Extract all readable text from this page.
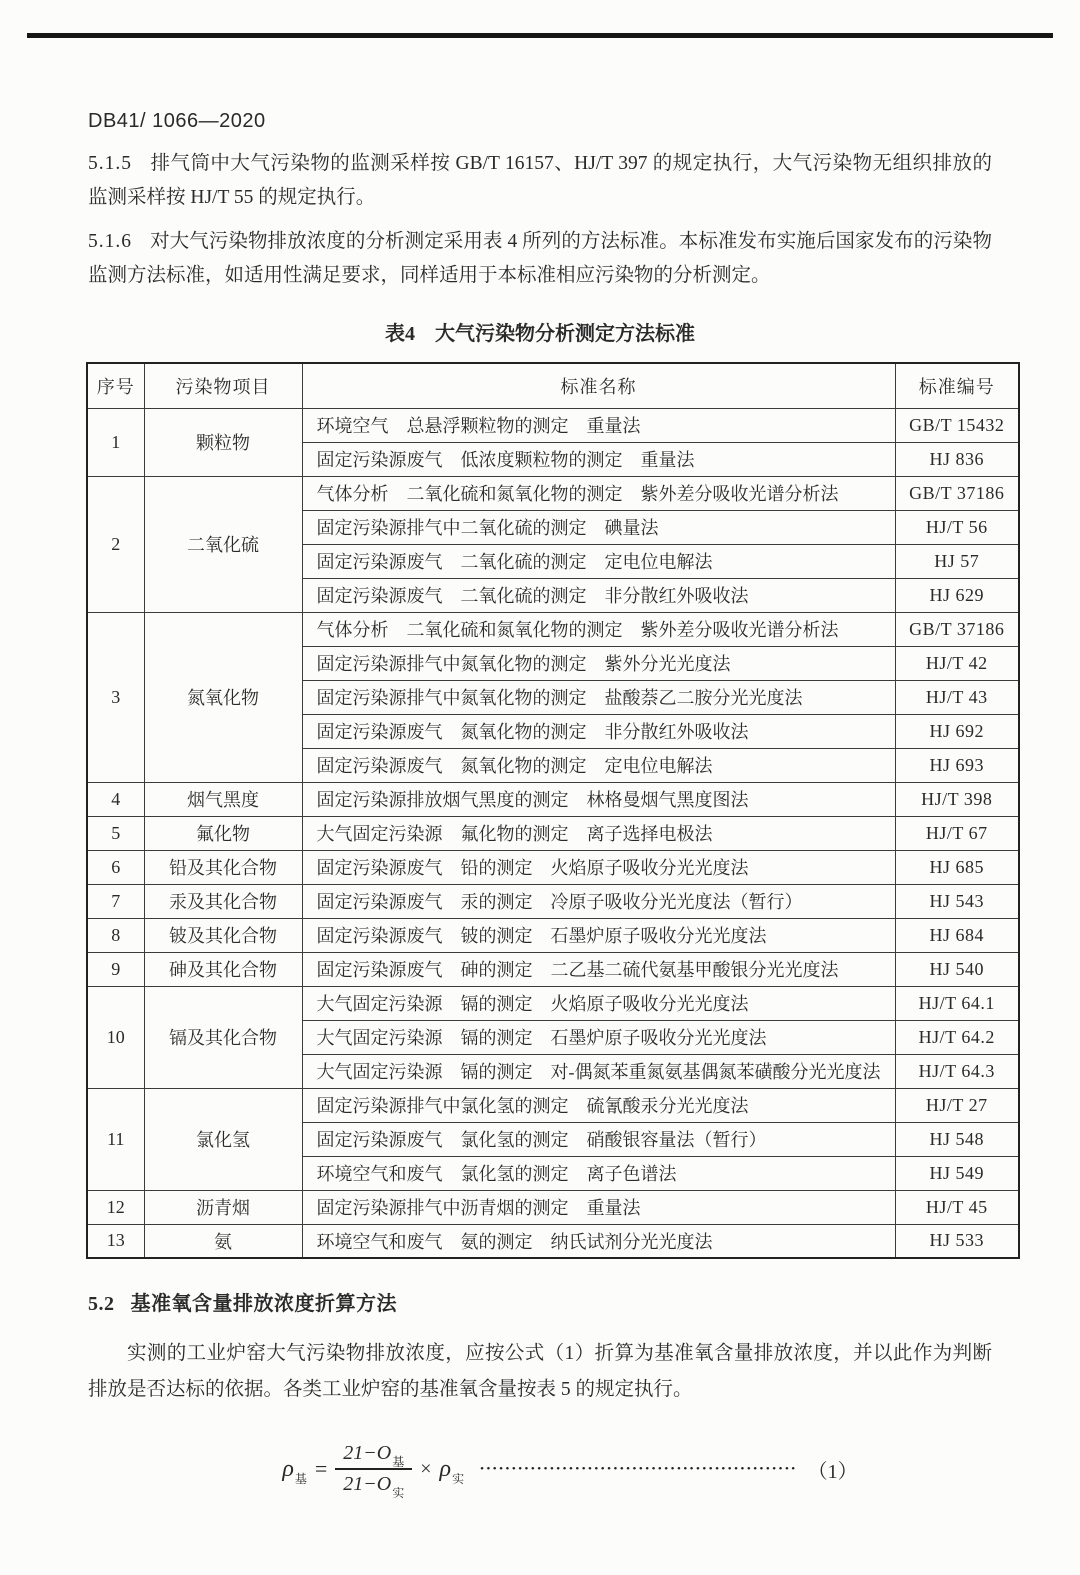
DB41/ 1066—2020

5.1.5 排气筒中大气污染物的监测采样按 GB/T 16157、HJ/T 397 的规定执行，大气污染物无组织排放的监测采样按 HJ/T 55 的规定执行。

5.1.6 对大气污染物排放浓度的分析测定采用表 4 所列的方法标准。本标准发布实施后国家发布的污染物监测方法标准，如适用性满足要求，同样适用于本标准相应污染物的分析测定。

表4　大气污染物分析测定方法标准
序号	污染物项目	标准名称	标准编号
1	颗粒物	环境空气　总悬浮颗粒物的测定　重量法	GB/T 15432
		固定污染源废气　低浓度颗粒物的测定　重量法	HJ 836
2	二氧化硫	气体分析　二氧化硫和氮氧化物的测定　紫外差分吸收光谱分析法	GB/T 37186
		固定污染源排气中二氧化硫的测定　碘量法	HJ/T 56
		固定污染源废气　二氧化硫的测定　定电位电解法	HJ 57
		固定污染源废气　二氧化硫的测定　非分散红外吸收法	HJ 629
3	氮氧化物	气体分析　二氧化硫和氮氧化物的测定　紫外差分吸收光谱分析法	GB/T 37186
		固定污染源排气中氮氧化物的测定　紫外分光光度法	HJ/T 42
		固定污染源排气中氮氧化物的测定　盐酸萘乙二胺分光光度法	HJ/T 43
		固定污染源废气　氮氧化物的测定　非分散红外吸收法	HJ 692
		固定污染源废气　氮氧化物的测定　定电位电解法	HJ 693
4	烟气黑度	固定污染源排放烟气黑度的测定　林格曼烟气黑度图法	HJ/T 398
5	氟化物	大气固定污染源　氟化物的测定　离子选择电极法	HJ/T 67
6	铅及其化合物	固定污染源废气　铅的测定　火焰原子吸收分光光度法	HJ 685
7	汞及其化合物	固定污染源废气　汞的测定　冷原子吸收分光光度法（暂行）	HJ 543
8	铍及其化合物	固定污染源废气　铍的测定　石墨炉原子吸收分光光度法	HJ 684
9	砷及其化合物	固定污染源废气　砷的测定　二乙基二硫代氨基甲酸银分光光度法	HJ 540
10	镉及其化合物	大气固定污染源　镉的测定　火焰原子吸收分光光度法	HJ/T 64.1
		大气固定污染源　镉的测定　石墨炉原子吸收分光光度法	HJ/T 64.2
		大气固定污染源　镉的测定　对-偶氮苯重氮氨基偶氮苯磺酸分光光度法	HJ/T 64.3
11	氯化氢	固定污染源排气中氯化氢的测定　硫氰酸汞分光光度法	HJ/T 27
		固定污染源废气　氯化氢的测定　硝酸银容量法（暂行）	HJ 548
		环境空气和废气　氯化氢的测定　离子色谱法	HJ 549
12	沥青烟	固定污染源排气中沥青烟的测定　重量法	HJ/T 45
13	氨	环境空气和废气　氨的测定　纳氏试剂分光光度法	HJ 533
5.2 基准氧含量排放浓度折算方法

实测的工业炉窑大气污染物排放浓度，应按公式（1）折算为基准氧含量排放浓度，并以此作为判断排放是否达标的依据。各类工业炉窑的基准氧含量按表 5 的规定执行。

$\rho_基 = \frac{21-O_基}{21-O_实} \times \rho_实$
•••••••••••••••••••••••••••••••••••••••••••••••••• （1）
